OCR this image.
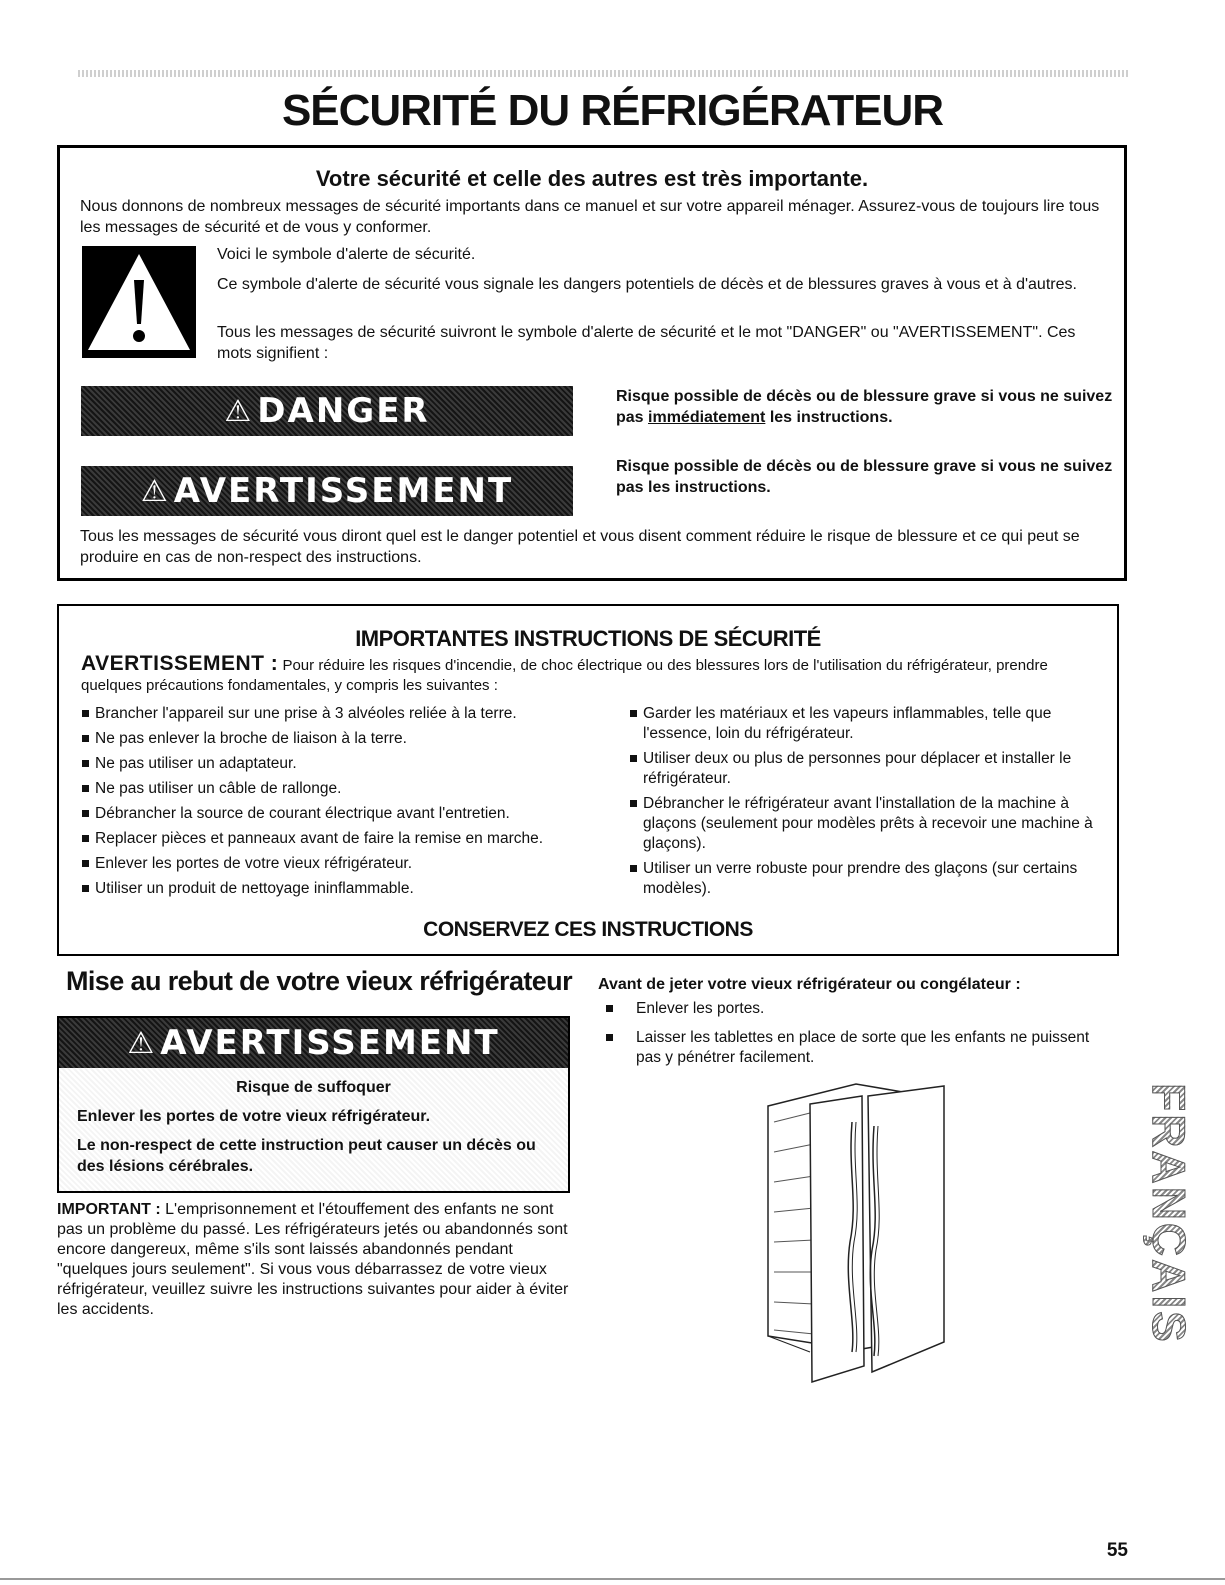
SÉCURITÉ DU RÉFRIGÉRATEUR
Votre sécurité et celle des autres est très importante.

Nous donnons de nombreux messages de sécurité importants dans ce manuel et sur votre appareil ménager. Assurez-vous de toujours lire tous les messages de sécurité et de vous y conformer.

Voici le symbole d'alerte de sécurité.

Ce symbole d'alerte de sécurité vous signale les dangers potentiels de décès et de blessures graves à vous et à d'autres.

Tous les messages de sécurité suivront le symbole d'alerte de sécurité et le mot "DANGER" ou "AVERTISSEMENT". Ces mots signifient :

⚠ DANGER	Risque possible de décès ou de blessure grave si vous ne suivez pas immédiatement les instructions.

⚠ AVERTISSEMENT

Risque possible de décès ou de blessure grave si vous ne suivez pas les instructions.

Tous les messages de sécurité vous diront quel est le danger potentiel et vous disent comment réduire le risque de blessure et ce qui peut se produire en cas de non-respect des instructions.

IMPORTANTES INSTRUCTIONS DE SÉCURITÉ

AVERTISSEMENT : Pour réduire les risques d'incendie, de choc électrique ou des blessures lors de l'utilisation du réfrigérateur, prendre quelques précautions fondamentales, y compris les suivantes :

Brancher l'appareil sur une prise à 3 alvéoles reliée à la terre.
Ne pas enlever la broche de liaison à la terre.
Ne pas utiliser un adaptateur.
Ne pas utiliser un câble de rallonge.
Débrancher la source de courant électrique avant l'entretien.
Replacer pièces et panneaux avant de faire la remise en marche.
Enlever les portes de votre vieux réfrigérateur.
Utiliser un produit de nettoyage ininflammable.
Garder les matériaux et les vapeurs inflammables, telle que l'essence, loin du réfrigérateur.
Utiliser deux ou plus de personnes pour déplacer et installer le réfrigérateur.
Débrancher le réfrigérateur avant l'installation de la machine à glaçons (seulement pour modèles prêts à recevoir une machine à glaçons).
Utiliser un verre robuste pour prendre des glaçons (sur certains modèles).

CONSERVEZ CES INSTRUCTIONS

Mise au rebut de votre vieux réfrigérateur
⚠ AVERTISSEMENT

Risque de suffoquer

Enlever les portes de votre vieux réfrigérateur.

Le non-respect de cette instruction peut causer un décès ou des lésions cérébrales.

IMPORTANT : L'emprisonnement et l'étouffement des enfants ne sont pas un problème du passé. Les réfrigérateurs jetés ou abandonnés sont encore dangereux, même s'ils sont laissés abandonnés pendant "quelques jours seulement". Si vous vous débarrassez de votre vieux réfrigérateur, veuillez suivre les instructions suivantes pour aider à éviter les accidents.

Avant de jeter votre vieux réfrigérateur ou congélateur :

Enlever les portes.
Laisser les tablettes en place de sorte que les enfants ne puissent pas y pénétrer facilement.
FRANÇAIS

55
